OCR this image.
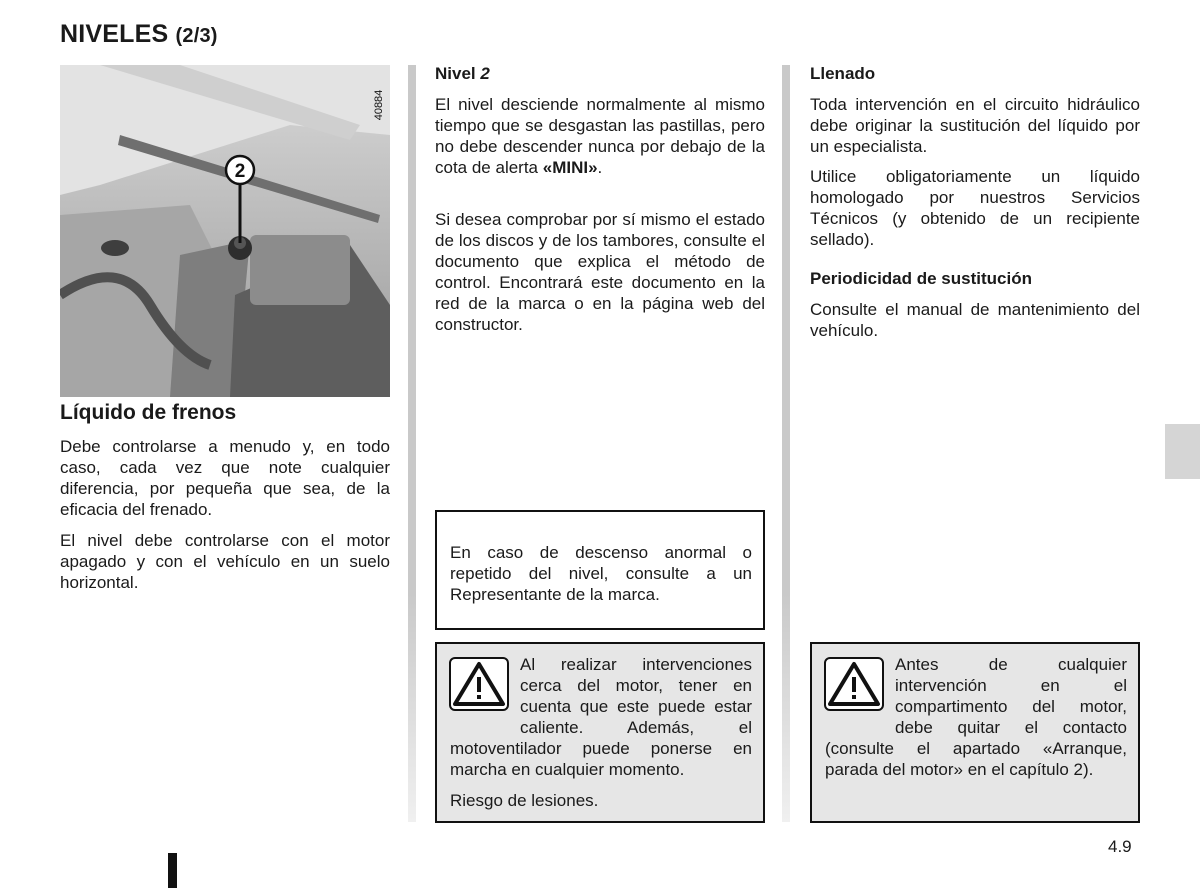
NIVELES (2/3)
2
40884
Líquido de frenos

Debe controlarse a menudo y, en todo caso, cada vez que note cualquier diferencia, por pequeña que sea, de la eficacia del frenado.

El nivel debe controlarse con el motor apagado y con el vehículo en un suelo horizontal.

Nivel 2

El nivel desciende normalmente al mismo tiempo que se desgastan las pastillas, pero no debe descender nunca por debajo de la cota de alerta «MINI».

Si desea comprobar por sí mismo el estado de los discos y de los tambores, consulte el documento que explica el método de control. Encontrará este documento en la red de la marca o en la página web del constructor.

En caso de descenso anormal o repetido del nivel, consulte a un Representante de la marca.

Al realizar intervenciones cerca del motor, tener en cuenta que este puede estar caliente. Además, el motoventilador puede ponerse en marcha en cualquier momento.

Riesgo de lesiones.

Llenado

Toda intervención en el circuito hidráulico debe originar la sustitución del líquido por un especialista.

Utilice obligatoriamente un líquido homologado por nuestros Servicios Técnicos (y obtenido de un recipiente sellado).

Periodicidad de sustitución

Consulte el manual de mantenimiento del vehículo.

Antes de cualquier intervención en el compartimento del motor, debe quitar el contacto (consulte el apartado «Arranque, parada del motor» en el capítulo 2).

4.9
